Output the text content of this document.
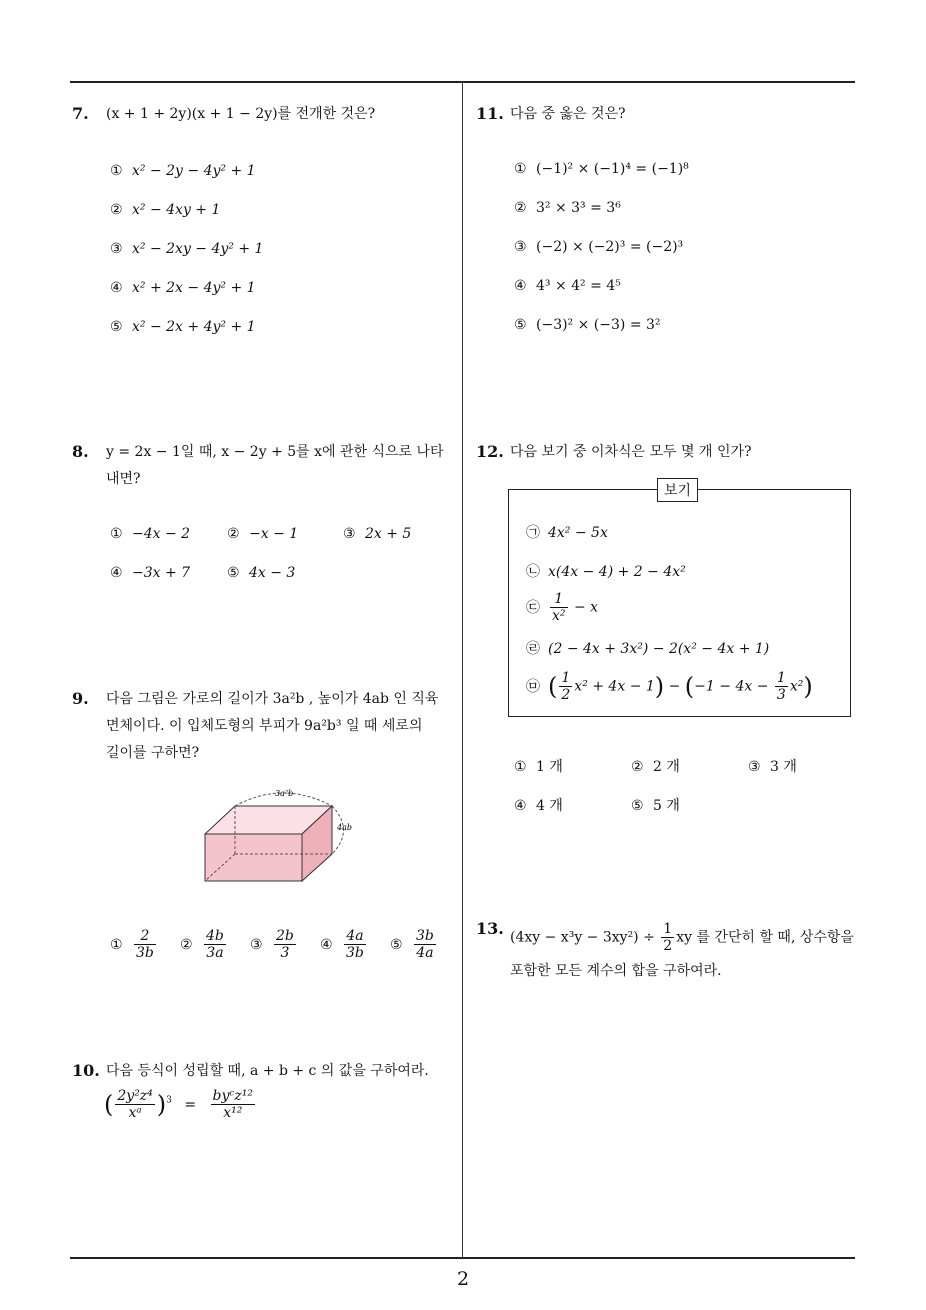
7. (x + 1 + 2y)(x + 1 − 2y)를 전개한 것은?
① x² − 2y − 4y² + 1
② x² − 4xy + 1
③ x² − 2xy − 4y² + 1
④ x² + 2x − 4y² + 1
⑤ x² − 2x + 4y² + 1
8. y = 2x − 1일 때, x − 2y + 5를 x에 관한 식으로 나타
내면?
① −4x − 2	② −x − 1	③ 2x + 5
④ −3x + 7	⑤ 4x − 3
9. 다음 그림은 가로의 길이가 3a²b , 높이가 4ab 인 직육
면체이다. 이 입체도형의 부피가 9a²b³ 일 때 세로의
길이를 구하면?
3a²b
4ab
① $\frac{2}{3b}$ ② $\frac{4b}{3a}$ ③ $\frac{2b}{3}$ ④ $\frac{4a}{3b}$ ⑤ $\frac{3b}{4a}$
10. 다음 등식이 성립할 때, a + b + c 의 값을 구하여라.
( $\frac{\text{2y²z⁴}}{\text{xᵃ}} )^3 = \frac{\text{byᶜz¹²}}{\text{x¹²}}$
11. 다음 중 옳은 것은?
① (−1)² × (−1)⁴ = (−1)⁸
② 3² × 3³ = 3⁶
③ (−2) × (−2)³ = (−2)³
④ 4³ × 4² = 4⁵
⑤ (−3)² × (−3) = 3²
12. 다음 보기 중 이차식은 모두 몇 개 인가?
보기
㉠ 4x² − 5x
㉡ x(4x − 4) + 2 − 4x²
㉢ $\frac{1}{\text{x²}} - x$
㉣ (2 − 4x + 3x²) − 2(x² − 4x + 1)
㉤ ( $\frac{1}{2} x^2 + 4x - 1) - (-1 - 4x - \frac{1}{3} x^2)$
① 1 개	② 2 개	③ 3 개
④ 4 개	⑤ 5 개
13. $(4xy - x^3y - 3xy^2) \div \frac{1}{2}$ xy 를 간단히 할 때, 상수항을
포함한 모든 계수의 합을 구하여라.
2
